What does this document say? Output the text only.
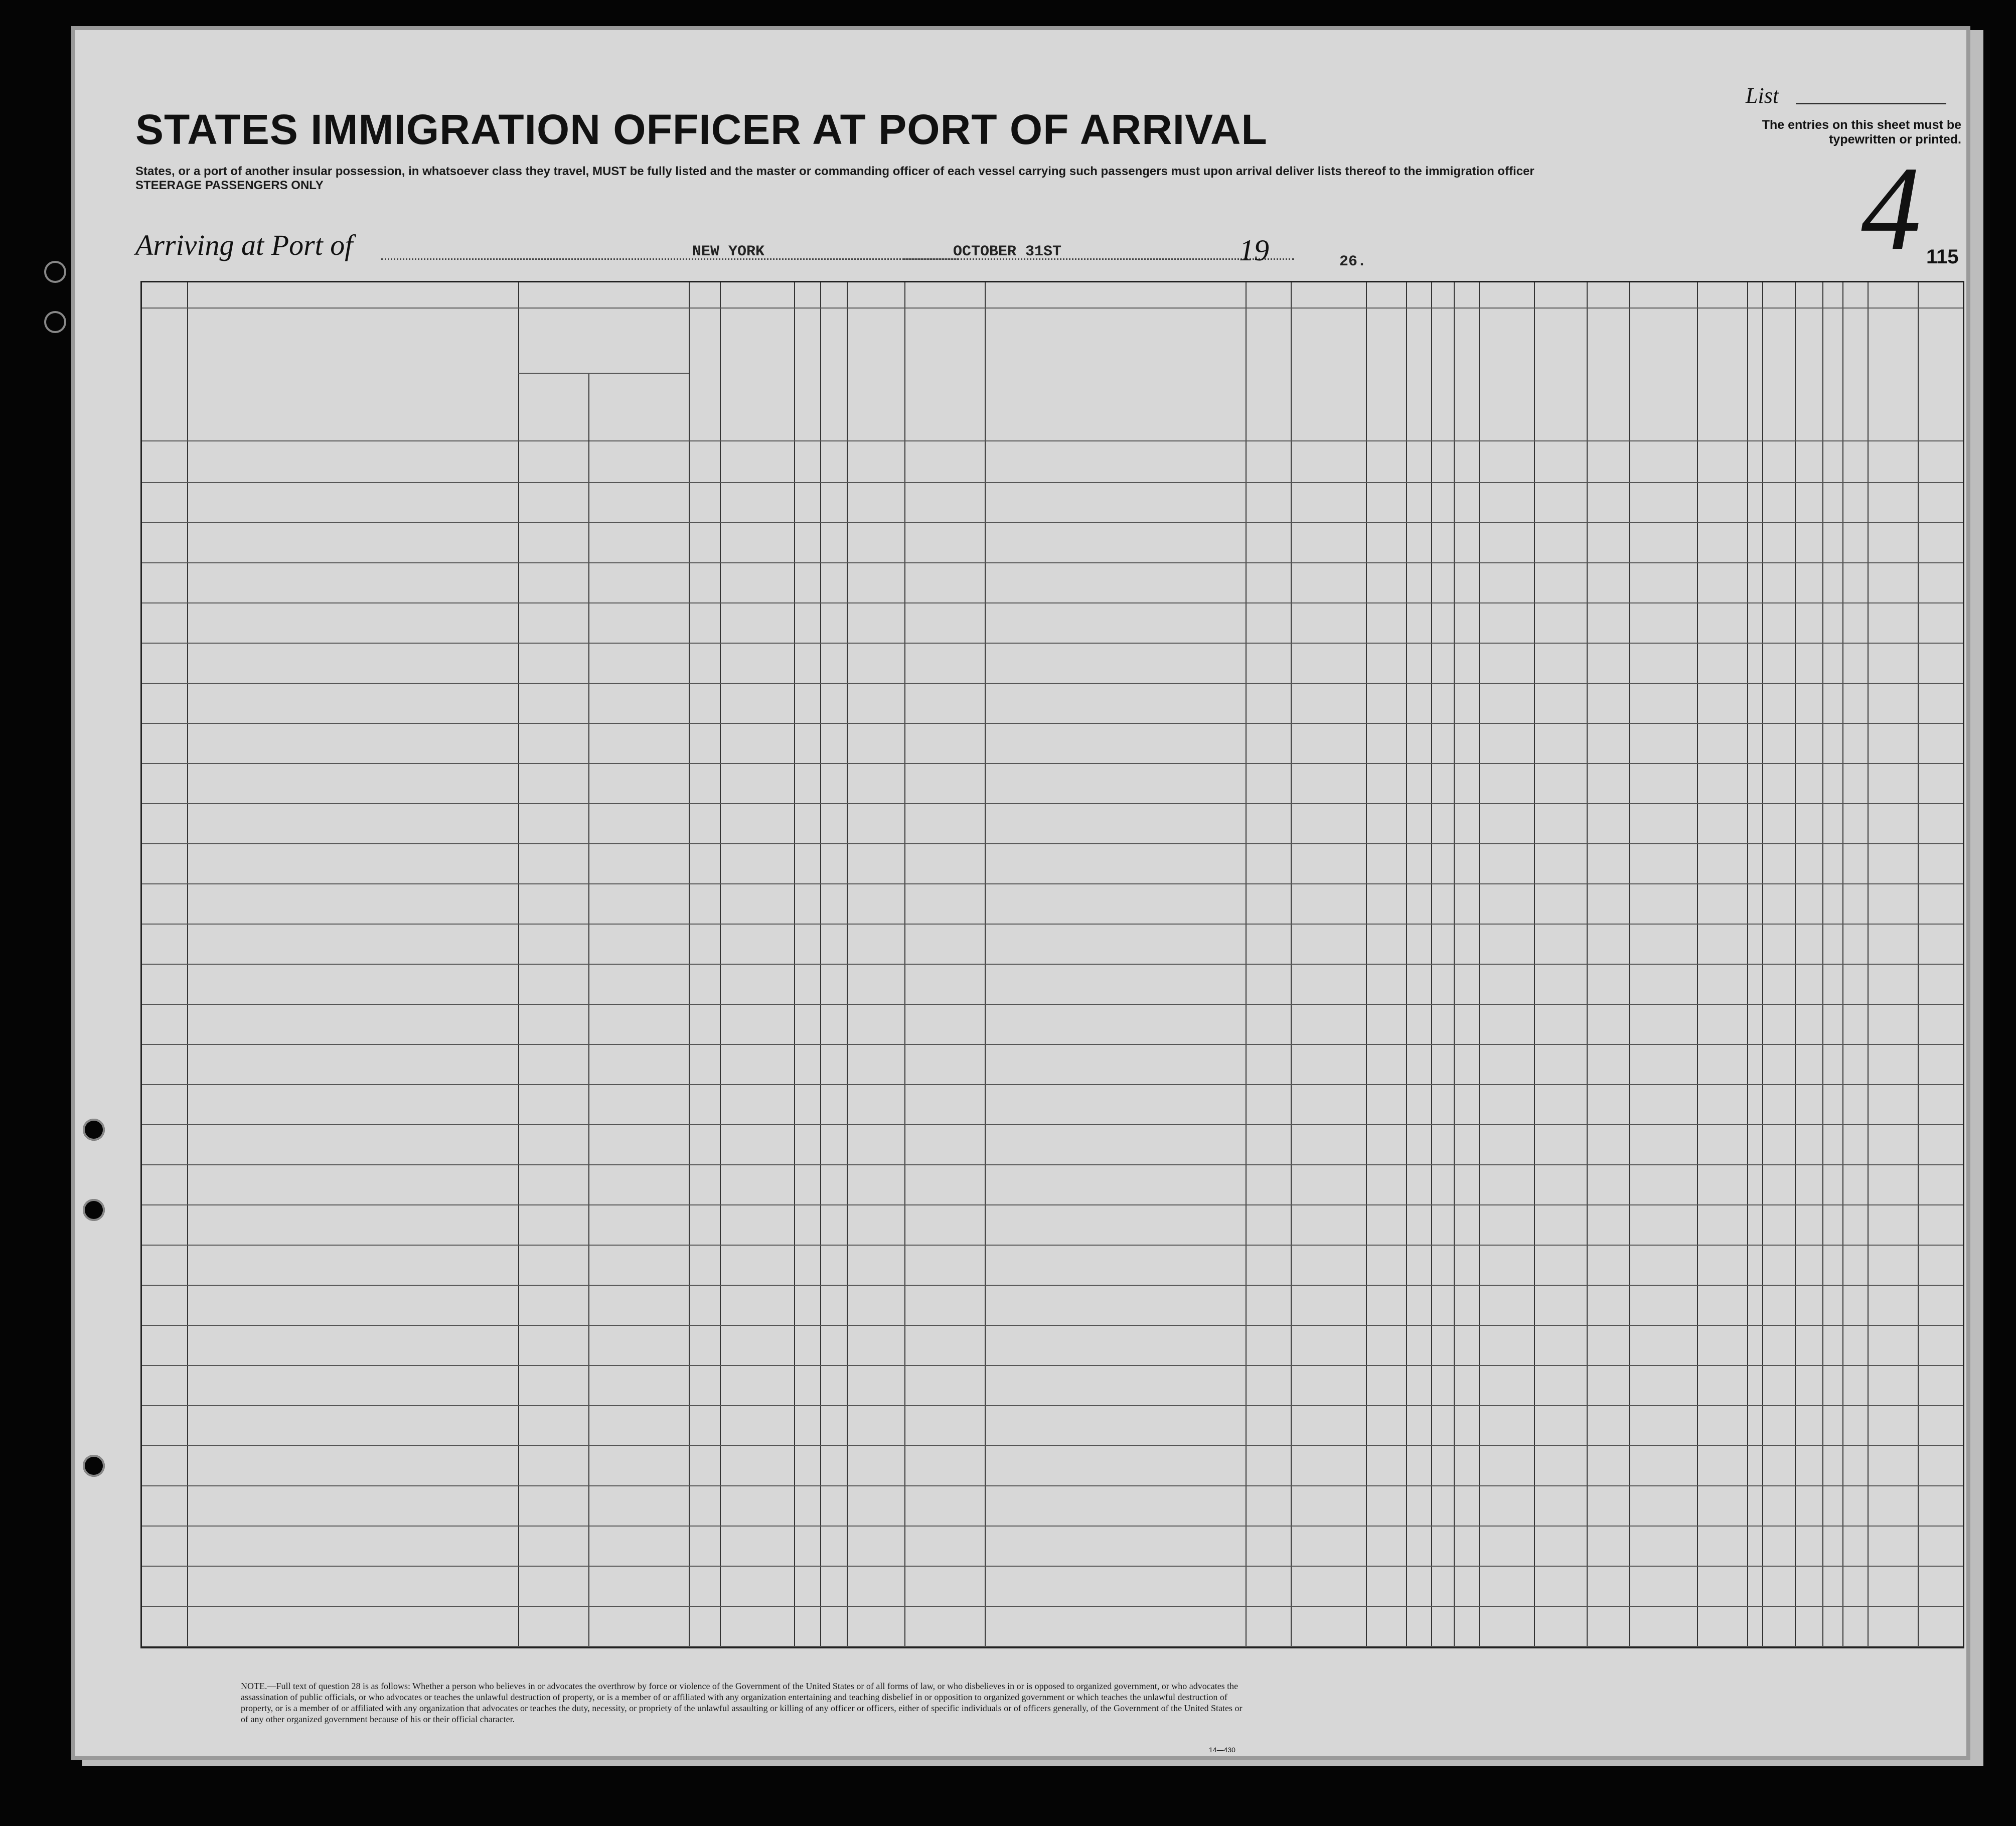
STATES IMMIGRATION OFFICER AT PORT OF ARRIVAL
States, or a port of another insular possession, in whatsoever class they travel, MUST be fully listed and the master or commanding officer of each vessel carrying such passengers must upon arrival deliver lists thereof to the immigration officer
STEERAGE PASSENGERS ONLY
List
The entries on this sheet must be typewritten or printed.
4
Arriving at Port of	NEW YORK	OCTOBER 31ST	19	26.	115
NOTE.—Full text of question 28 is as follows: Whether a person who believes in or advocates the overthrow by force or violence of the Government of the United States or of all forms of law, or who disbelieves in or is opposed to organized government, or who advocates the assassination of public officials, or who advocates or teaches the unlawful destruction of property, or is a member of or affiliated with any organization entertaining and teaching disbelief in or opposition to organized government or which teaches the unlawful destruction of property, or is a member of or affiliated with any organization that advocates or teaches the duty, necessity, or propriety of the unlawful assaulting or killing of any officer or officers, either of specific individuals or of officers generally, of the Government of the United States or of any other organized government because of his or their official character.
14—430
